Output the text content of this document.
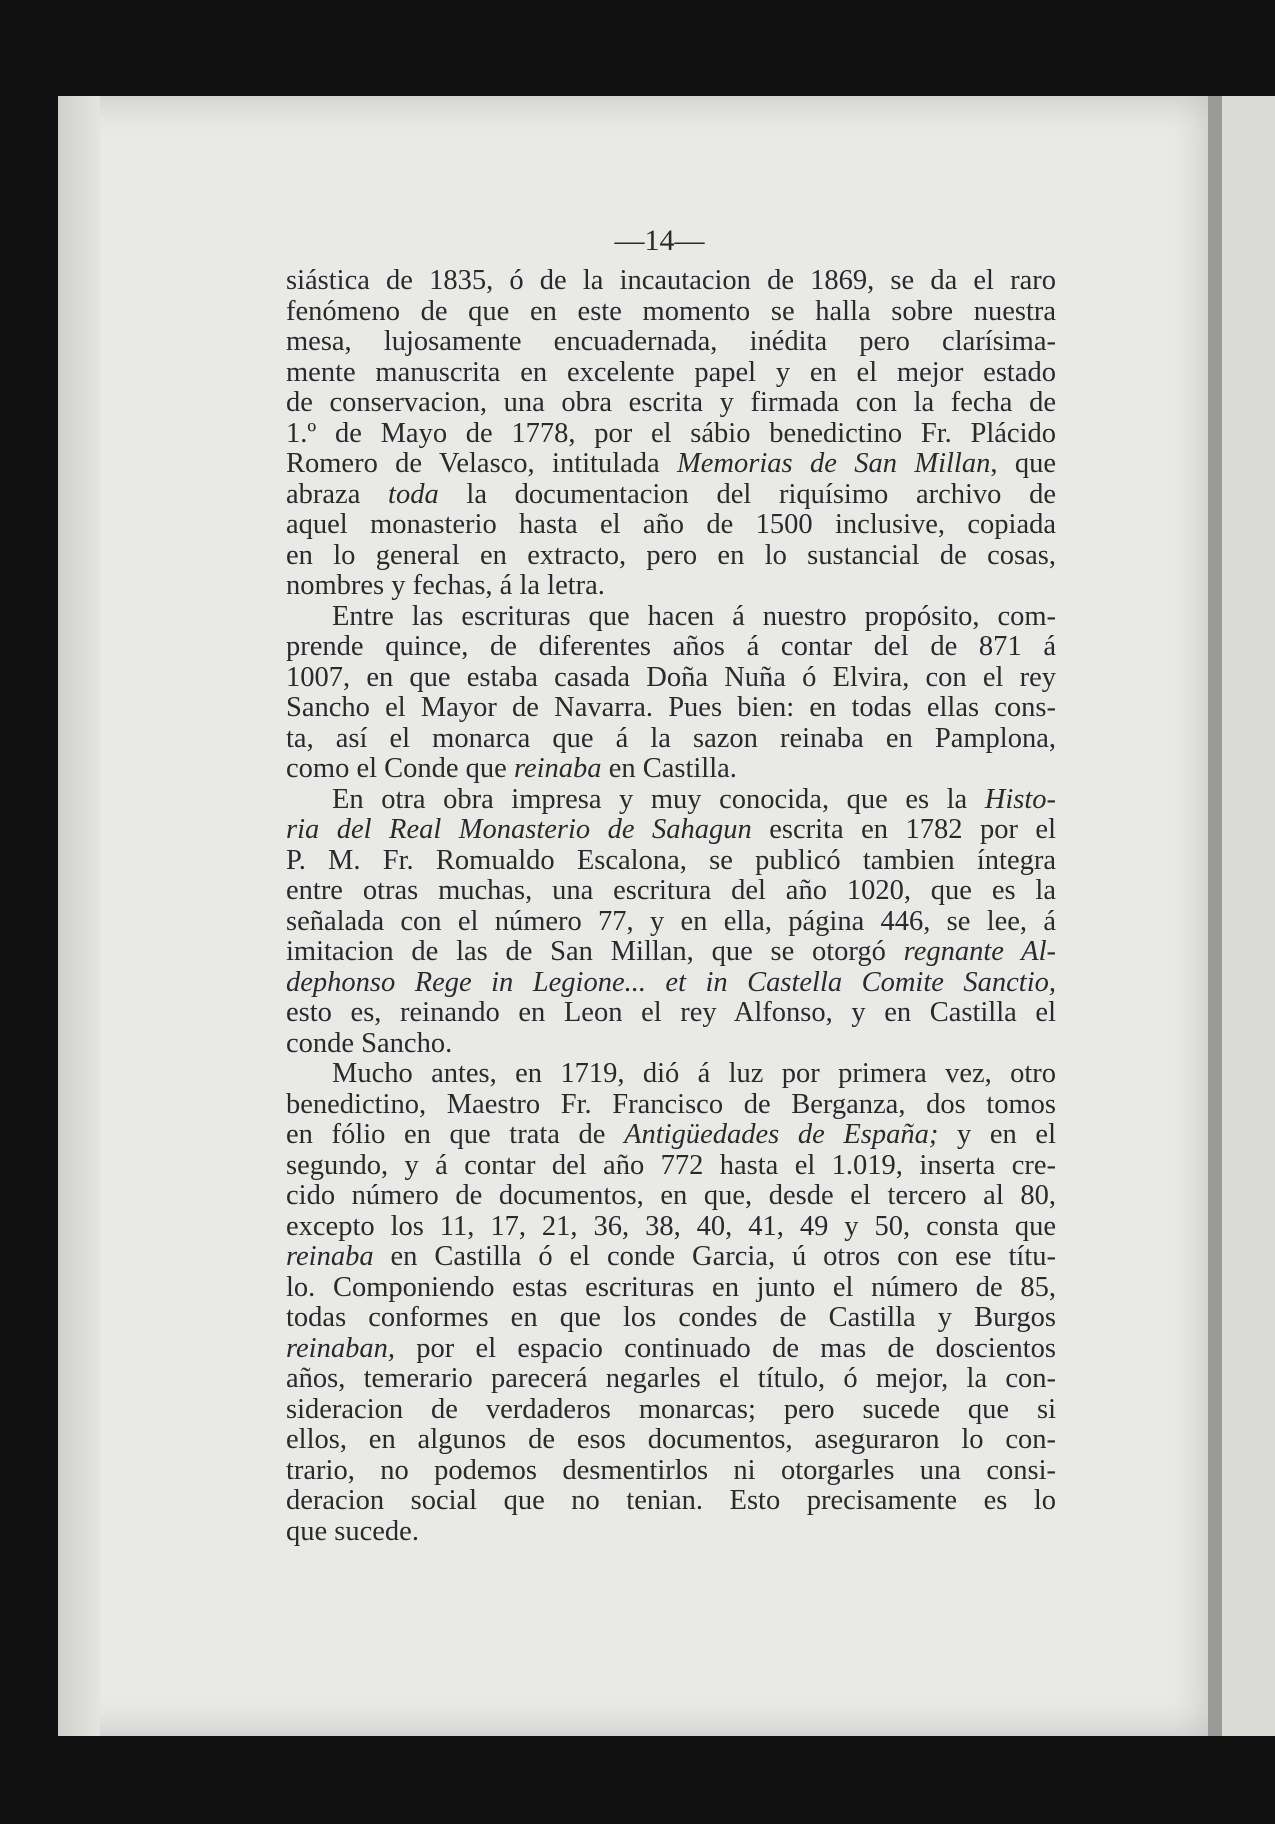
—14—
siástica de 1835, ó de la incautacion de 1869, se da el raro
fenómeno de que en este momento se halla sobre nuestra
mesa, lujosamente encuadernada, inédita pero clarísima-
mente manuscrita en excelente papel y en el mejor estado
de conservacion, una obra escrita y firmada con la fecha de
1.º de Mayo de 1778, por el sábio benedictino Fr. Plácido
Romero de Velasco, intitulada Memorias de San Millan, que
abraza toda la documentacion del riquísimo archivo de
aquel monasterio hasta el año de 1500 inclusive, copiada
en lo general en extracto, pero en lo sustancial de cosas,
nombres y fechas, á la letra.
Entre las escrituras que hacen á nuestro propósito, com-
prende quince, de diferentes años á contar del de 871 á
1007, en que estaba casada Doña Nuña ó Elvira, con el rey
Sancho el Mayor de Navarra. Pues bien: en todas ellas cons-
ta, así el monarca que á la sazon reinaba en Pamplona,
como el Conde que reinaba en Castilla.
En otra obra impresa y muy conocida, que es la Histo-
ria del Real Monasterio de Sahagun escrita en 1782 por el
P. M. Fr. Romualdo Escalona, se publicó tambien íntegra
entre otras muchas, una escritura del año 1020, que es la
señalada con el número 77, y en ella, página 446, se lee, á
imitacion de las de San Millan, que se otorgó regnante Al-
dephonso Rege in Legione... et in Castella Comite Sanctio,
esto es, reinando en Leon el rey Alfonso, y en Castilla el
conde Sancho.
Mucho antes, en 1719, dió á luz por primera vez, otro
benedictino, Maestro Fr. Francisco de Berganza, dos tomos
en fólio en que trata de Antigüedades de España; y en el
segundo, y á contar del año 772 hasta el 1.019, inserta cre-
cido número de documentos, en que, desde el tercero al 80,
excepto los 11, 17, 21, 36, 38, 40, 41, 49 y 50, consta que
reinaba en Castilla ó el conde Garcia, ú otros con ese títu-
lo. Componiendo estas escrituras en junto el número de 85,
todas conformes en que los condes de Castilla y Burgos
reinaban, por el espacio continuado de mas de doscientos
años, temerario parecerá negarles el título, ó mejor, la con-
sideracion de verdaderos monarcas; pero sucede que si
ellos, en algunos de esos documentos, aseguraron lo con-
trario, no podemos desmentirlos ni otorgarles una consi-
deracion social que no tenian. Esto precisamente es lo
que sucede.
